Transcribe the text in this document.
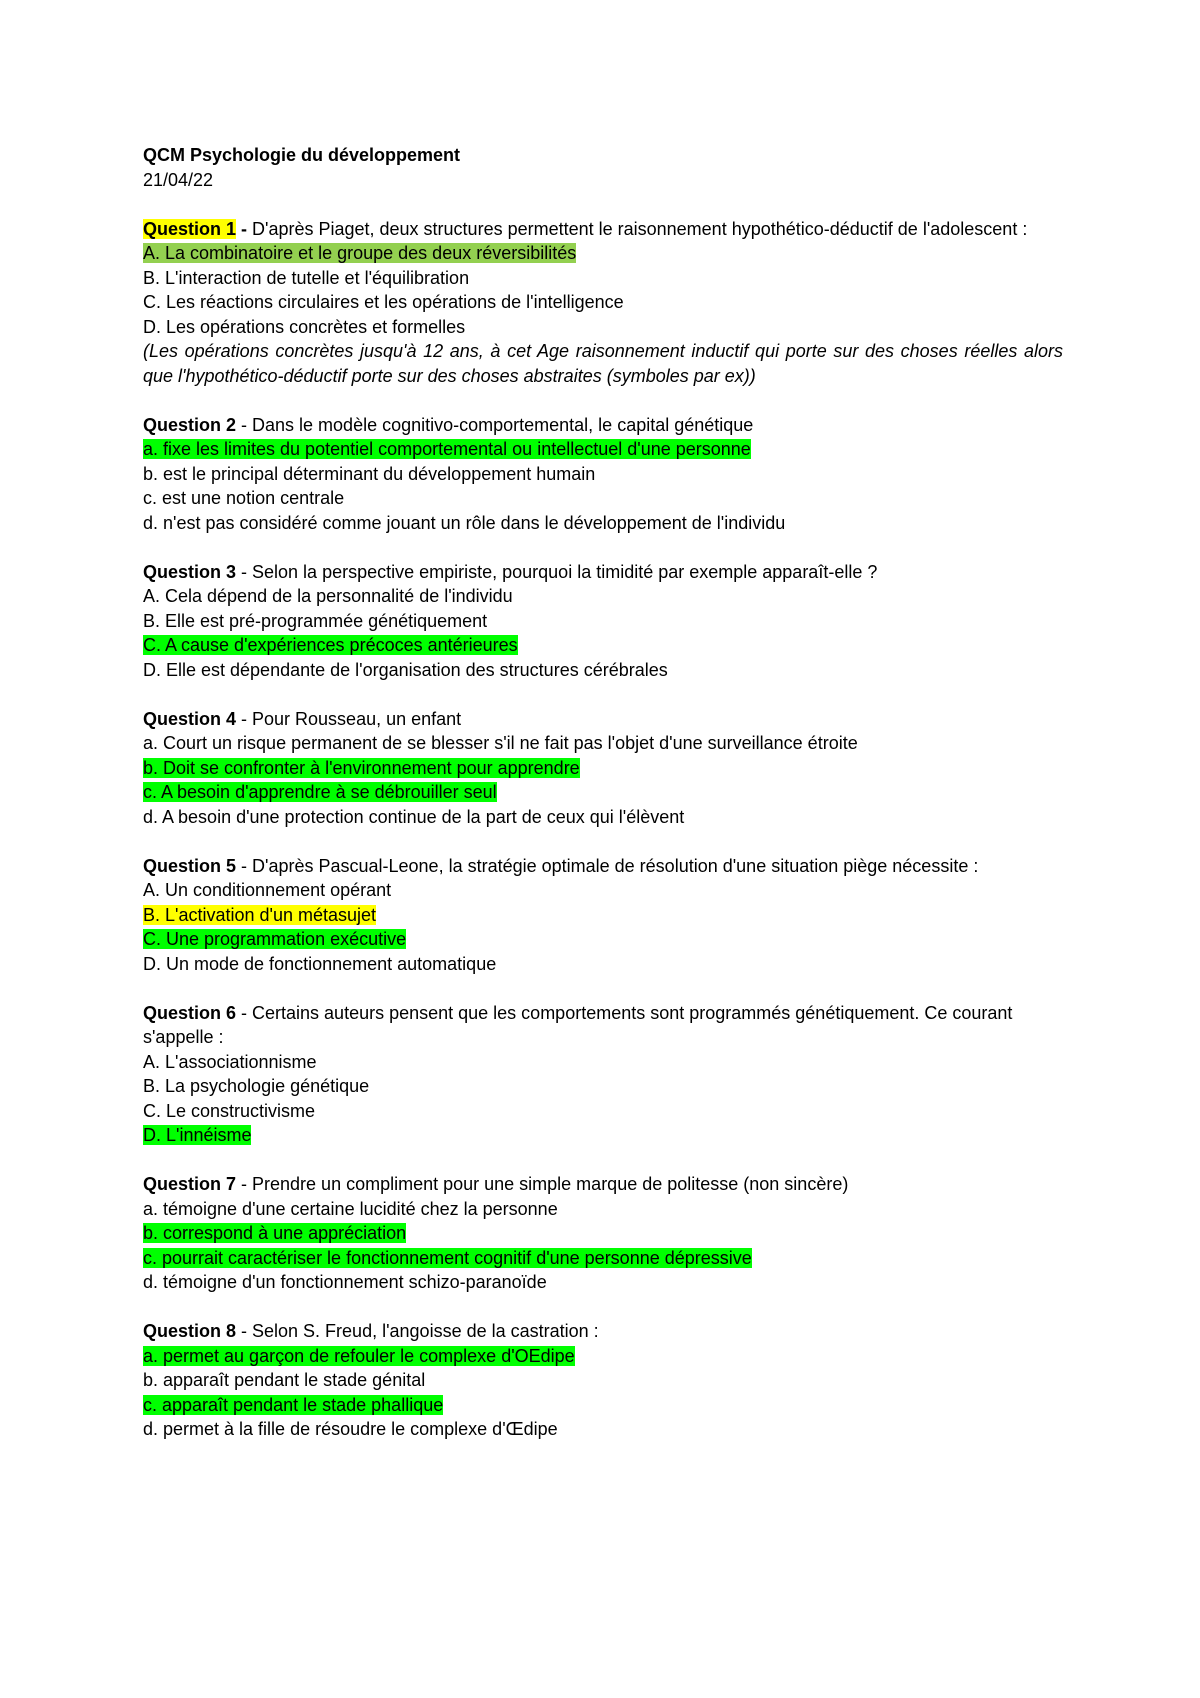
QCM Psychologie du développement
21/04/22
Question 1 - D'après Piaget, deux structures permettent le raisonnement hypothético-déductif de l'adolescent :
A. La combinatoire et le groupe des deux réversibilités
B. L'interaction de tutelle et l'équilibration
C. Les réactions circulaires et les opérations de l'intelligence
D. Les opérations concrètes et formelles
(Les opérations concrètes jusqu'à 12 ans, à cet Age raisonnement inductif qui porte sur des choses réelles alors que l'hypothético-déductif porte sur des choses abstraites (symboles par ex))
Question 2 - Dans le modèle cognitivo-comportemental, le capital génétique
a. fixe les limites du potentiel comportemental ou intellectuel d'une personne
b. est le principal déterminant du développement humain
c. est une notion centrale
d. n'est pas considéré comme jouant un rôle dans le développement de l'individu
Question 3 - Selon la perspective empiriste, pourquoi la timidité par exemple apparaît-elle ?
A. Cela dépend de la personnalité de l'individu
B. Elle est pré-programmée génétiquement
C. A cause d'expériences précoces antérieures
D. Elle est dépendante de l'organisation des structures cérébrales
Question 4 - Pour Rousseau, un enfant
a. Court un risque permanent de se blesser s'il ne fait pas l'objet d'une surveillance étroite
b. Doit se confronter à l'environnement pour apprendre
c. A besoin d'apprendre à se débrouiller seul
d. A besoin d'une protection continue de la part de ceux qui l'élèvent
Question 5 - D'après Pascual-Leone, la stratégie optimale de résolution d'une situation piège nécessite :
A. Un conditionnement opérant
B. L'activation d'un métasujet
C. Une programmation exécutive
D. Un mode de fonctionnement automatique
Question 6 - Certains auteurs pensent que les comportements sont programmés génétiquement. Ce courant s'appelle :
A. L'associationnisme
B. La psychologie génétique
C. Le constructivisme
D. L'innéisme
Question 7 - Prendre un compliment pour une simple marque de politesse (non sincère)
a. témoigne d'une certaine lucidité chez la personne
b. correspond à une appréciation
c. pourrait caractériser le fonctionnement cognitif d'une personne dépressive
d. témoigne d'un fonctionnement schizo-paranoïde
Question 8 - Selon S. Freud, l'angoisse de la castration :
a. permet au garçon de refouler le complexe d'OEdipe
b. apparaît pendant le stade génital
c. apparaît pendant le stade phallique
d. permet à la fille de résoudre le complexe d'Œdipe
